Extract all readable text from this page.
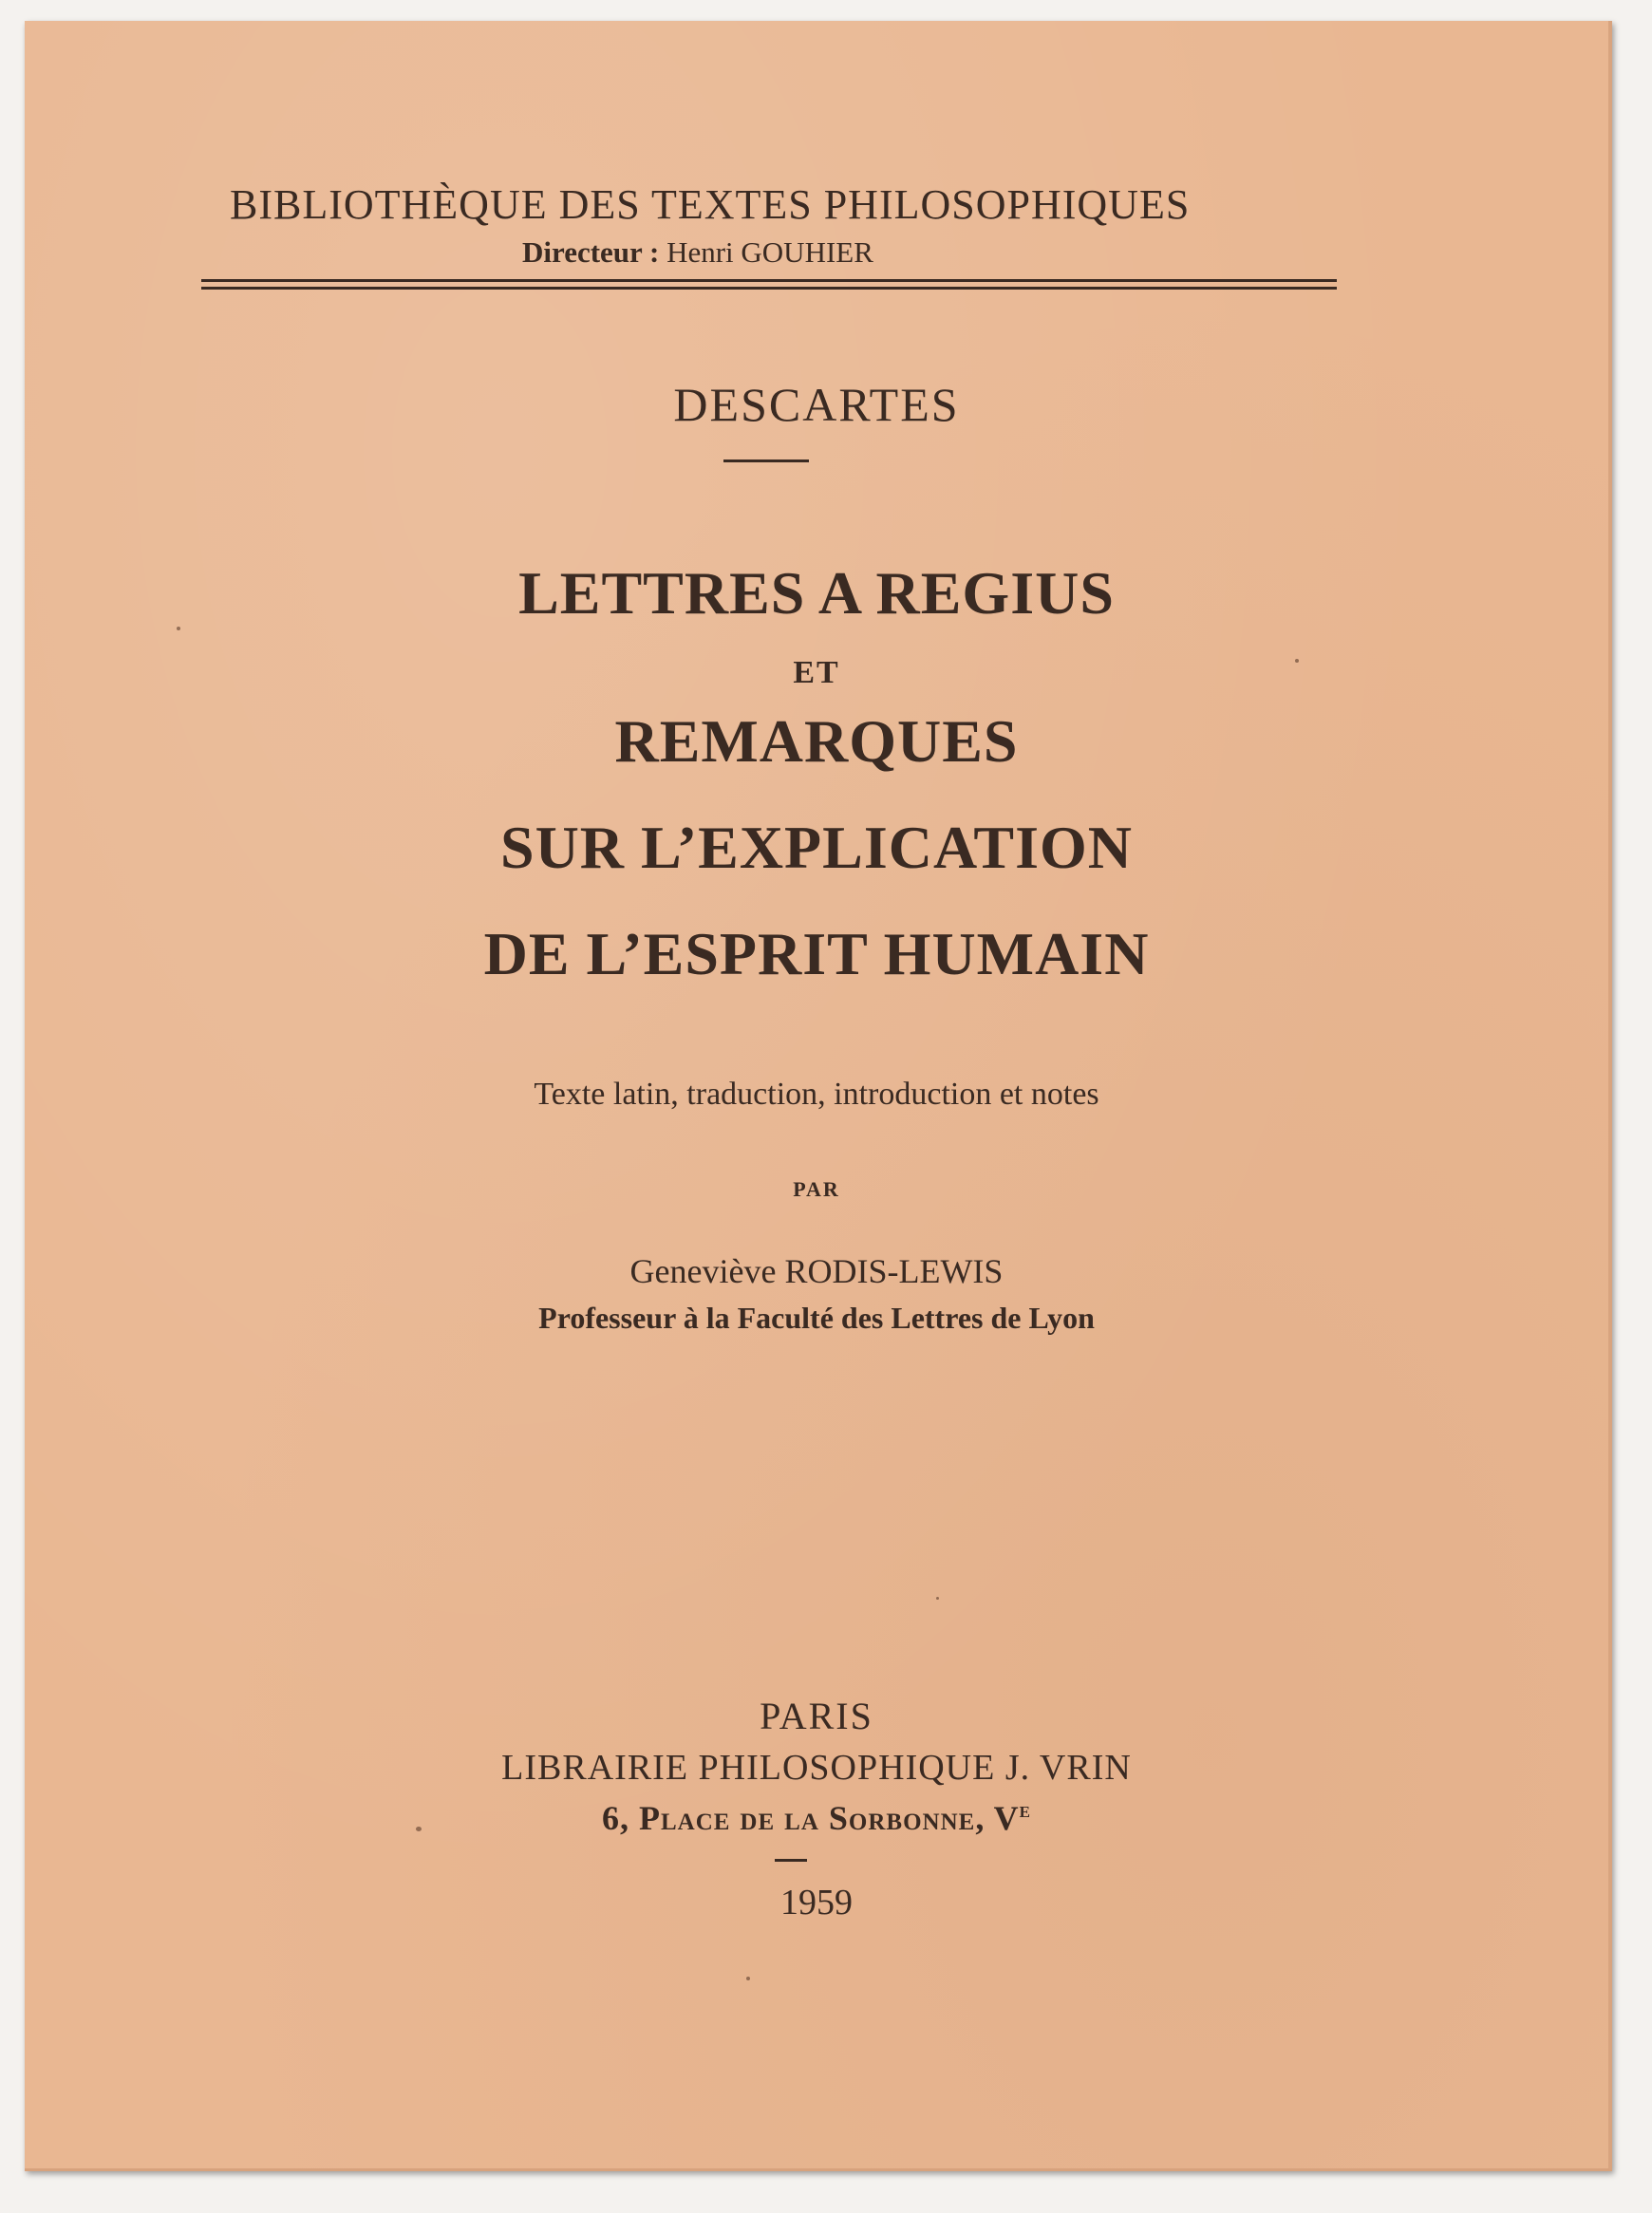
BIBLIOTHÈQUE DES TEXTES PHILOSOPHIQUES
Directeur : Henri GOUHIER
DESCARTES
LETTRES A REGIUS
ET
REMARQUES
SUR L’EXPLICATION
DE L’ESPRIT HUMAIN
Texte latin, traduction, introduction et notes
PAR
Geneviève RODIS-LEWIS
Professeur à la Faculté des Lettres de Lyon
PARIS
LIBRAIRIE PHILOSOPHIQUE J. VRIN
6, Place de la Sorbonne, Ve
1959
